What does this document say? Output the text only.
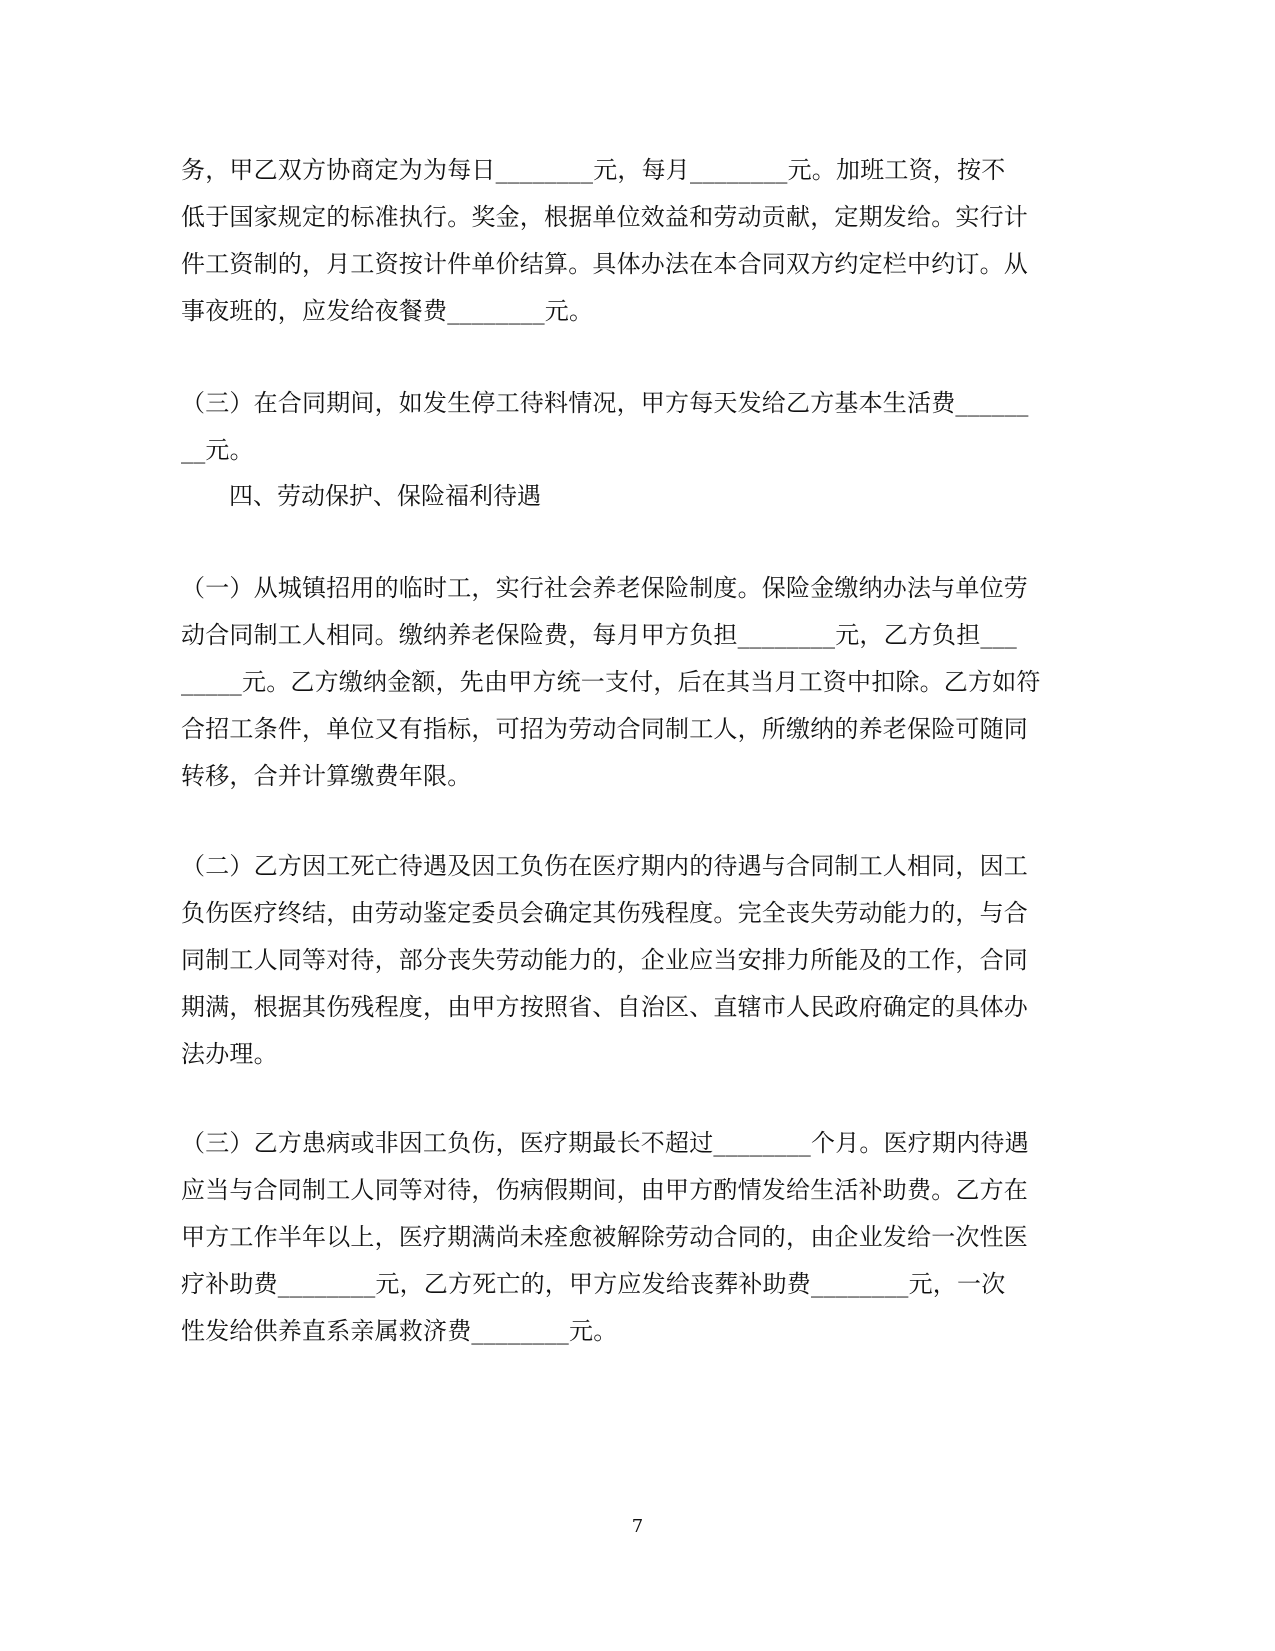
务，甲乙双方协商定为为每日________元，每月________元。加班工资，按不
低于国家规定的标准执行。奖金，根据单位效益和劳动贡献，定期发给。实行计
件工资制的，月工资按计件单价结算。具体办法在本合同双方约定栏中约订。从
事夜班的，应发给夜餐费________元。
（三）在合同期间，如发生停工待料情况，甲方每天发给乙方基本生活费______
__元。
四、劳动保护、保险福利待遇
（一）从城镇招用的临时工，实行社会养老保险制度。保险金缴纳办法与单位劳
动合同制工人相同。缴纳养老保险费，每月甲方负担________元，乙方负担___
_____元。乙方缴纳金额，先由甲方统一支付，后在其当月工资中扣除。乙方如符
合招工条件，单位又有指标，可招为劳动合同制工人，所缴纳的养老保险可随同
转移，合并计算缴费年限。
（二）乙方因工死亡待遇及因工负伤在医疗期内的待遇与合同制工人相同，因工
负伤医疗终结，由劳动鉴定委员会确定其伤残程度。完全丧失劳动能力的，与合
同制工人同等对待，部分丧失劳动能力的，企业应当安排力所能及的工作，合同
期满，根据其伤残程度，由甲方按照省、自治区、直辖市人民政府确定的具体办
法办理。
（三）乙方患病或非因工负伤，医疗期最长不超过________个月。医疗期内待遇
应当与合同制工人同等对待，伤病假期间，由甲方酌情发给生活补助费。乙方在
甲方工作半年以上，医疗期满尚未痊愈被解除劳动合同的，由企业发给一次性医
疗补助费________元，乙方死亡的，甲方应发给丧葬补助费________元，一次
性发给供养直系亲属救济费________元。
7
